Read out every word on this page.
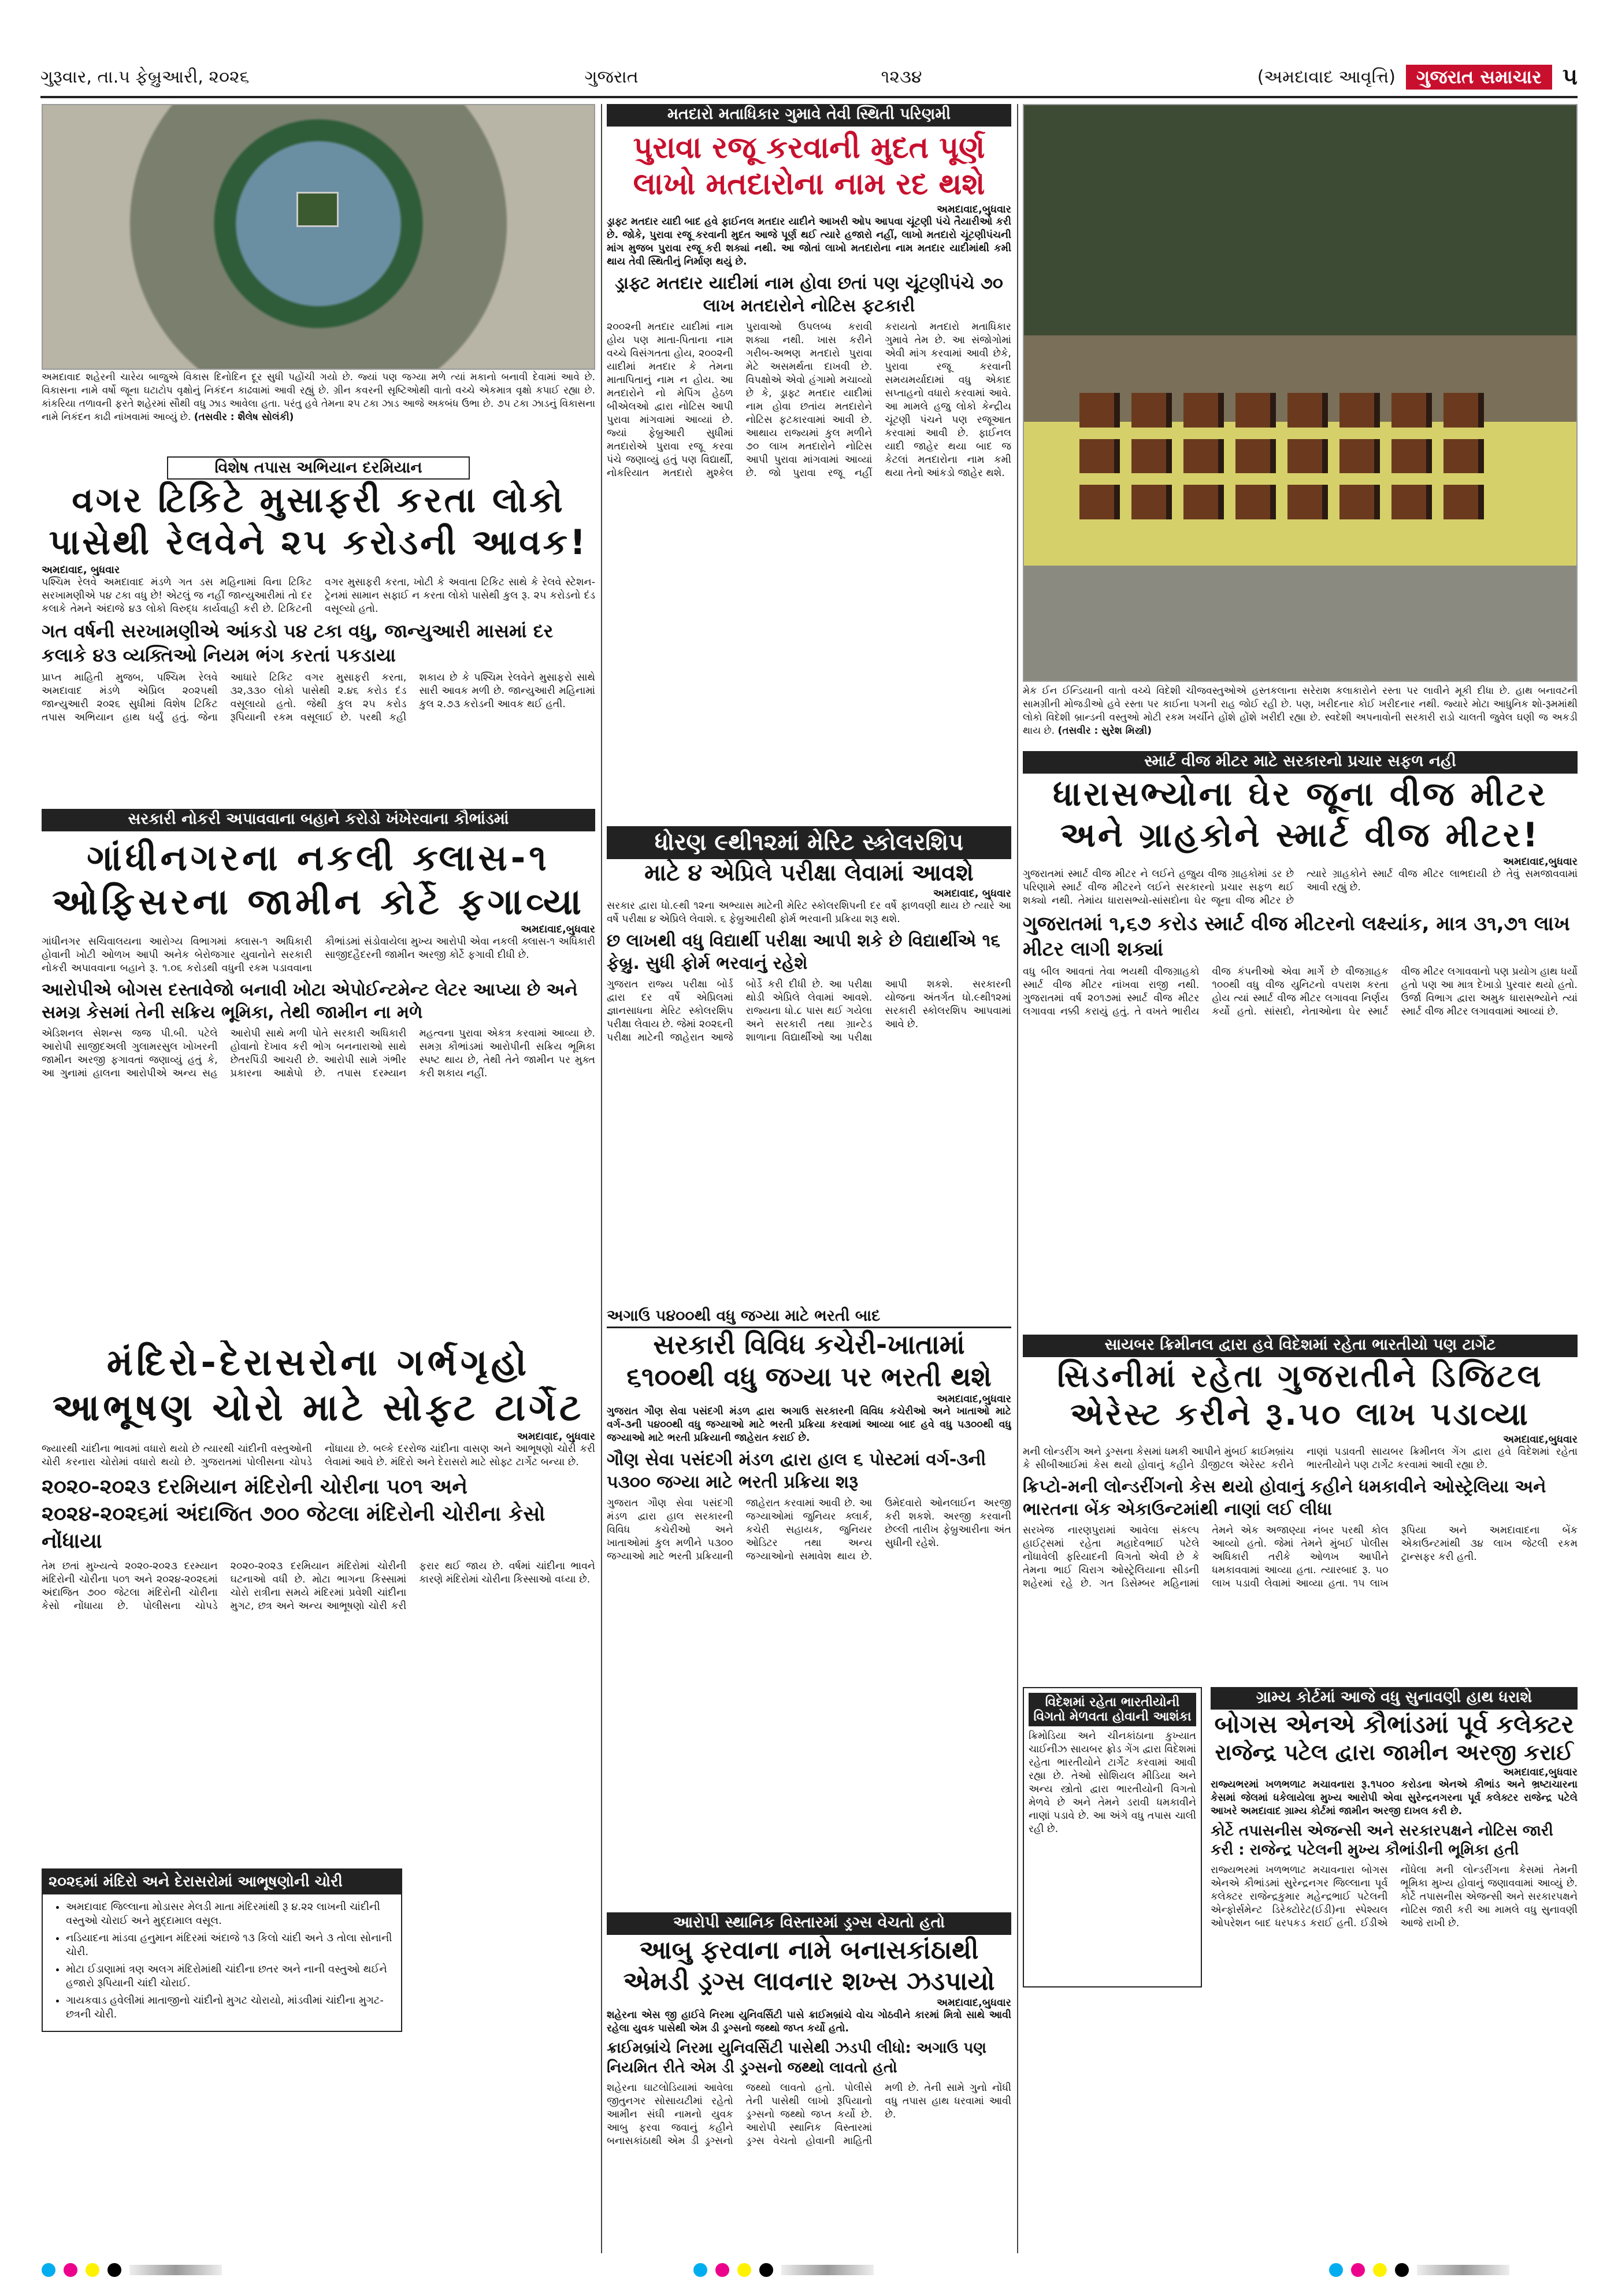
ગુરૂવાર, તા.૫ ફેબ્રુઆરી, ૨૦૨૬	ગુજરાત	૧૨૩૪	(અમદાવાદ આવૃત્તિ)	ગુજરાત સમાચાર ૫
અમદાવાદ શહેરની ચારેય બાજુએ વિકાસ દિનોદિન દૂર સુધી પહોંચી ગયો છે. જ્યાં પણ જગ્યા મળે ત્યાં મકાનો બનાવી દેવામાં આવે છે. વિકાસના નામે વર્ષો જૂના ઘટાટોપ વૃક્ષોનું નિકંદન કાઢવામાં આવી રહ્યું છે. ગ્રીન કવરની સૃષ્ટિઓથી વાતો વચ્ચે એકમાત્ર વૃક્ષો કપાઈ રહ્યા છે. કાંકરિયા તળાવની ફરતે શહેરમાં સૌથી વધુ ઝાડ આવેલા હતા. પરંતુ હવે તેમના ૨૫ ટકા ઝાડ આજે અકબંધ ઉભા છે. ૭૫ ટકા ઝાડનું વિકાસના નામે નિકંદન કાઢી નાંખવામાં આવ્યું છે. (તસવીર : શૈલેષ સોલંકી)
મતદારો મતાધિકાર ગુમાવે તેવી સ્થિતી પરિણમી
પુરાવા રજૂ કરવાની મુદત પૂર્ણ
લાખો મતદારોના નામ રદ થશે
અમદાવાદ,બુધવાર
ડ્રાફ્ટ મતદાર યાદી બાદ હવે ફાઈનલ મતદાર યાદીને આખરી ઓપ આપવા ચૂંટણી પંચે તૈયારીઓ કરી છે. જોકે, પુરાવા રજૂ કરવાની મુદત આજે પૂર્ણ થઈ ત્યારે હજારો નહીં, લાખો મતદારો ચૂંટણીપંચની માંગ મુજબ પુરાવા રજૂ કરી શક્યાં નથી. આ જોતાં લાખો મતદારોના નામ મતદાર યાદીમાંથી કમી થાય તેવી સ્થિતીનું નિર્માણ થયું છે.
ડ્રાફ્ટ મતદાર યાદીમાં નામ હોવા છતાં પણ ચૂંટણીપંચે ૭૦ લાખ મતદારોને નોટિસ ફટકારી
૨૦૦૨ની મતદાર યાદીમાં નામ હોય પણ માતા-પિતાના નામ વચ્ચે વિસંગતતા હોય, ૨૦૦૨ની યાદીમાં મતદાર કે તેમના માતાપિતાનું નામ ન હોય. આ મતદારોને નો મેપિંગ હેઠળ બીએલઓ દ્વારા નોટિસ આપી પુરાવા માંગવામાં આવ્યાં છે. જ્યાં ફેબ્રુઆરી સુધીમાં મતદારોએ પુરાવા રજૂ કરવા પંચે જણાવ્યું હતું પણ વિદ્યાર્થી, નોકરિયાત મતદારો મુશ્કેલ પુરાવાઓ ઉપલબ્ધ કરાવી શક્યા નથી. ખાસ કરીને ગરીબ-અભણ મતદારો પુરાવા મેટે અસમર્થતા દાખવી છે. વિપક્ષોએ એવો હંગામો મચાવ્યો છે કે, ડ્રાફ્ટ મતદાર યાદીમાં નામ હોવા છતાંય મતદારોને નોટિસ ફટકારવામાં આવી છે. આથાય રાજ્યમાં કુલ મળીને ૭૦ લાખ મતદારોને નોટિસ આપી પુરાવા માંગવામાં આવ્યાં છે. જો પુરાવા રજૂ નહીં કરાયતો મતદારો મતાધિકાર ગુમાવે તેમ છે. આ સંજોગોમાં એવી માંગ કરવામાં આવી છેકે, પુરાવા રજૂ કરવાની સમયમર્યાદામાં વધુ એકાદ સપ્તાહનો વધારો કરવામાં આવે. આ મામલે હજુ લોકો કેન્દ્રીય ચૂંટણી પંચને પણ રજૂઆત કરવામાં આવી છે. ફાઈનલ યાદી જાહેર થયા બાદ જ કેટલાં મતદારોના નામ કમી થયા તેનો આંકડો જાહેર થશે.
મેક ઈન ઈન્ડિયાની વાતો વચ્ચે વિદેશી ચીજવસ્તુઓએ હસ્તકલાના સરેરાશ કલાકારોને રસ્તા પર લાવીને મૂકી દીધા છે. હાથ બનાવટની સામગ્રીની મોજડીઓ હવે રસ્તા પર કાઈના પગની રાહ જોઈ રહી છે. પણ, ખરીદનાર કોઈ ખરીદનાર નથી. જ્યારે મોટા આધુનિક શો-રૂમમાંથી લોકો વિદેશી બ્રાન્ડની વસ્તુઓ મોટી રકમ ખર્ચીને હોંશે હોંશે ખરીદી રહ્યા છે. સ્વદેશી અપનાવોની સરકારી રાડો ચાલતી જુવેલ ઘણી જ અકડી થાય છે. (તસવીર : સુરેશ મિસ્ત્રી)
વિશેષ તપાસ અભિયાન દરમિયાન
વગર ટિકિટે મુસાફરી કરતા લોકો
પાસેથી રેલવેને ૨૫ કરોડની આવક!
અમદાવાદ, બુધવાર
પશ્ચિમ રેલવે અમદાવાદ મંડળે ગત ડસ મહિનામાં વિના ટિકિટ સરખામણીએ પ૪ ટકા વધુ છે! એટલું જ નહીં જાન્યુઆરીમાં તો દર કલાકે તેમને અંદાજે ૪૩ લોકો વિરુદ્ધ કાર્યવાહી કરી છે. ટિકિટની વગર મુસાફરી કરતા, ખોટી કે અવાતા ટિકિટ સાથે કે રેલવે સ્ટેશન-ટ્રેનમાં સામાન સફાઈ ન કરતા લોકો પાસેથી કુલ રૂ. ૨૫ કરોડનો દંડ વસૂલ્યો હતો.
ગત વર્ષની સરખામણીએ આંકડો ૫૪ ટકા વધુ, જાન્યુઆરી માસમાં દર કલાકે ૪૩ વ્યક્તિઓ નિયમ ભંગ કરતાં પકડાયા
પ્રાપ્ત માહિતી મુજબ, પશ્ચિમ રેલવે અમદાવાદ મંડળે એપ્રિલ ૨૦૨૫થી જાન્યુઆરી ૨૦૨૬ સુધીમાં વિશેષ ટિકિટ તપાસ અભિયાન હાથ ધર્યું હતું. જેના આધારે ટિકિટ વગર મુસાફરી કરતા, ૩૨,૩૩૦ લોકો પાસેથી ૨.૪૬ કરોડ દંડ વસૂલાયો હતો. જેથી કુલ ૨૫ કરોડ રૂપિયાની રકમ વસૂલાઈ છે. પરથી કહી શકાય છે કે પશ્ચિમ રેલવેને મુસાફરો સાથે સારી આવક મળી છે. જાન્યુઆરી મહિનામાં કુલ ૨.૭૩ કરોડની આવક થઈ હતી.
સરકારી નોકરી અપાવવાના બહાને કરોડો ખંખેરવાના કૌભાંડમાં
ગાંધીનગરના નકલી ક્લાસ-૧
ઓફિસરના જામીન કોર્ટે ફગાવ્યા
અમદાવાદ,બુધવાર
ગાંધીનગર સચિવાલયના આરોગ્ય વિભાગમાં ક્લાસ-૧ અધિકારી હોવાની ખોટી ઓળખ આપી અનેક બેરોજગાર યુવાનોને સરકારી નોકરી અપાવવાના બહાને રૂ. ૧.૦૬ કરોડથી વધુની રકમ પડાવવાના કૌભાંડમાં સંડોવાયેલા મુખ્ય આરોપી એવા નકલી ક્લાસ-૧ અધિકારી સાજીદહૈદરની જામીન અરજી કોર્ટે ફગાવી દીધી છે.
આરોપીએ બોગસ દસ્તાવેજો બનાવી ખોટા એપોઈન્ટમેન્ટ લેટર આપ્યા છે અને સમગ્ર કેસમાં તેની સક્રિય ભૂમિકા, તેથી જામીન ના મળે
એડિશનલ સેશન્સ જજ પી.બી. પટેલે આરોપી સાજીદઅલી ગુલામરસુલ ખોખરની જામીન અરજી ફગાવતાં જણાવ્યું હતું કે, આ ગુનામાં હાલના આરોપીએ અન્ય સહ આરોપી સાથે મળી પોતે સરકારી અધિકારી હોવાનો દેખાવ કરી ભોગ બનનારાઓ સાથે છેતરપિંડી આચરી છે. આરોપી સામે ગંભીર પ્રકારના આક્ષેપો છે. તપાસ દરમ્યાન મહત્વના પુરાવા એકત્ર કરવામાં આવ્યા છે. સમગ્ર કૌભાંડમાં આરોપીની સક્રિય ભૂમિકા સ્પષ્ટ થાય છે, તેથી તેને જામીન પર મુક્ત કરી શકાય નહીં.
મંદિરો-દેરાસરોના ગર્ભગૃહો
આભૂષણ ચોરો માટે સોફ્ટ ટાર્ગેટ
અમદાવાદ, બુધવાર
જ્યારથી ચાંદીના ભાવમાં વધારો થયો છે ત્યારથી ચાંદીની વસ્તુઓની ચોરી કરનારા ચોરોમાં વધારો થયો છે. ગુજરાતમાં પોલીસના ચોપડે નોંધાયા છે. બલ્કે દરરોજ ચાંદીના વાસણ અને આભૂષણો ચોરી કરી લેવામાં આવે છે. મંદિરો અને દેરાસરો માટે સોફ્ટ ટાર્ગેટ બન્યા છે.
૨૦૨૦-૨૦૨૩ દરમિયાન મંદિરોની ચોરીના ૫૦૧ અને ૨૦૨૪-૨૦૨૬માં અંદાજિત ૭૦૦ જેટલા મંદિરોની ચોરીના કેસો નોંધાયા
તેમ છતાં મુખ્યત્વે ૨૦૨૦-૨૦૨૩ દરમ્યાન મંદિરોની ચોરીના ૫૦૧ અને ૨૦૨૪-૨૦૨૬માં અંદાજિત ૭૦૦ જેટલા મંદિરોની ચોરીના કેસો નોંધાયા છે. પોલીસના ચોપડે ૨૦૨૦-૨૦૨૩ દરમિયાન મંદિરોમાં ચોરીની ઘટનાઓ વધી છે. મોટા ભાગના કિસ્સામાં ચોરો રાત્રીના સમયે મંદિરમાં પ્રવેશી ચાંદીના મુગટ, છત્ર અને અન્ય આભૂષણો ચોરી કરી ફરાર થઈ જાય છે. વર્ષમાં ચાંદીના ભાવને કારણે મંદિરોમાં ચોરીના કિસ્સાઓ વધ્યા છે.
૨૦૨૬માં મંદિરો અને દેરાસરોમાં આભૂષણોની ચોરી
• અમદાવાદ જિલ્લાના મોડાસર મેલડી માતા મંદિરમાંથી રૂ ૪.૨૨ લાખની ચાંદીની વસ્તુઓ ચોરાઈ અને મુદ્દામાલ વસૂલ.
• નડિયાદના માંડવા હનુમાન મંદિરમાં અંદાજે ૧૩ કિલો ચાંદી અને ૩ તોલા સોનાની ચોરી.
• મોટા ઈડાણામાં ત્રણ અલગ મંદિરોમાંથી ચાંદીના છતર અને નાની વસ્તુઓ થઈને હજારો રૂપિયાની ચાંદી ચોરાઈ.
• ગાયકવાડ હવેલીમાં માતાજીનો ચાંદીનો મુગટ ચોરાયો, માંડવીમાં ચાંદીના મુગટ-છત્રની ચોરી.
ધોરણ ૯થી૧૨માં મેરિટ સ્કોલરશિપ
માટે ૪ એપ્રિલે પરીક્ષા લેવામાં આવશે
અમદાવાદ, બુધવાર
સરકાર દ્વારા ધો.૯થી ૧૨ના અભ્યાસ માટેની મેરિટ સ્કોલરશિપની દર વર્ષે ફાળવણી થાય છે ત્યારે આ વર્ષે પરીક્ષા ૪ એપ્રિલે લેવાશે. ૬ ફેબ્રુઆરીથી ફોર્મ ભરવાની પ્રક્રિયા શરૂ થશે.
છ લાખથી વધુ વિદ્યાર્થી પરીક્ષા આપી શકે છે વિદ્યાર્થીએ ૧૬ ફેબ્રુ. સુધી ફોર્મ ભરવાનું રહેશે
ગુજરાત રાજ્ય પરીક્ષા બોર્ડ દ્વારા દર વર્ષે એપ્રિલમાં જ્ઞાનસાધના મેરિટ સ્કોલરશિપ પરીક્ષા લેવાય છે. જેમાં ૨૦૨૬ની પરીક્ષા માટેની જાહેરાત આજે બોર્ડે કરી દીધી છે. આ પરીક્ષા થોડી એપ્રિલે લેવામાં આવશે. રાજ્યના ધો.૮ પાસ થઈ ગયેલા અને સરકારી તથા ગ્રાન્ટેડ શાળાના વિદ્યાર્થીઓ આ પરીક્ષા આપી શકશે. સરકારની યોજના અંતર્ગત ધો.૯થી૧૨માં સરકારી સ્કોલરશિપ આપવામાં આવે છે.
અગાઉ ૫૪૦૦થી વધુ જગ્યા માટે ભરતી બાદ
સરકારી વિવિધ કચેરી-ખાતામાં
૬૧૦૦થી વધુ જગ્યા પર ભરતી થશે
અમદાવાદ,બુધવાર
ગુજરાત ગૌણ સેવા પસંદગી મંડળ દ્વારા અગાઉ સરકારની વિવિધ કચેરીઓ અને ખાતાઓ માટે વર્ગ-૩ની ૫૪૦૦થી વધુ જગ્યાઓ માટે ભરતી પ્રક્રિયા કરવામાં આવ્યા બાદ હવે વધુ ૫૩૦૦થી વધુ જગ્યાઓ માટે ભરતી પ્રક્રિયાની જાહેરાત કરાઈ છે.
ગૌણ સેવા પસંદગી મંડળ દ્વારા હાલ ૬ પોસ્ટમાં વર્ગ-૩ની ૫૩૦૦ જગ્યા માટે ભરતી પ્રક્રિયા શરૂ
ગુજરાત ગૌણ સેવા પસંદગી મંડળ દ્વારા હાલ સરકારની વિવિધ કચેરીઓ અને ખાતાઓમાં કુલ મળીને ૫૩૦૦ જગ્યાઓ માટે ભરતી પ્રક્રિયાની જાહેરાત કરવામાં આવી છે. આ જગ્યાઓમાં જુનિયર ક્લાર્ક, કચેરી સહાયક, જુનિયર ઓડિટર તથા અન્ય જગ્યાઓનો સમાવેશ થાય છે. ઉમેદવારો ઓનલાઈન અરજી કરી શકશે. અરજી કરવાની છેલ્લી તારીખ ફેબ્રુઆરીના અંત સુધીની રહેશે.
આરોપી સ્થાનિક વિસ્તારમાં ડ્રગ્સ વેચતો હતો
આબુ ફરવાના નામે બનાસકાંઠાથી
એમડી ડ્રગ્સ લાવનાર શખ્સ ઝડપાયો
અમદાવાદ,બુધવાર
શહેરના એસ જી હાઈવે નિરમા યુનિવર્સિટી પાસે ક્રાઈમબ્રાંચે વોચ ગોઠવીને કારમાં મિત્રો સાથે આવી રહેલા યુવક પાસેથી એમ ડી ડ્રગ્સનો જથ્થો જપ્ત કર્યો હતો.
ક્રાઈમબ્રાંચે નિરમા યુનિવર્સિટી પાસેથી ઝડપી લીધો: અગાઉ પણ નિયમિત રીતે એમ ડી ડ્રગ્સનો જથ્થો લાવતો હતો
શહેરના ઘાટલોડિયામાં આવેલા જીતુનગર સોસાયટીમાં રહેતો આમીન સંઘી નામનો યુવક આબુ ફરવા જવાનું કહીને બનાસકાંઠાથી એમ ડી ડ્રગ્સનો જથ્થો લાવતો હતો. પોલીસે તેની પાસેથી લાખો રૂપિયાનો ડ્રગ્સનો જથ્થો જપ્ત કર્યો છે. આરોપી સ્થાનિક વિસ્તારમાં ડ્રગ્સ વેચતો હોવાની માહિતી મળી છે. તેની સામે ગુનો નોંધી વધુ તપાસ હાથ ધરવામાં આવી છે.
સ્માર્ટ વીજ મીટર માટે સરકારનો પ્રચાર સફળ નહી
ધારાસભ્યોના ઘેર જૂના વીજ મીટર
અને ગ્રાહકોને સ્માર્ટ વીજ મીટર!
અમદાવાદ,બુધવાર
ગુજરાતમાં સ્માર્ટ વીજ મીટર ને લઈને હજુય વીજ ગ્રાહકોમાં ડર છે પરિણામે સ્માર્ટ વીજ મીટરને લઈને સરકારનો પ્રચાર સફળ થઈ શક્યો નથી. તેમાંય ધારાસભ્યો-સાંસદોના ઘેર જૂના વીજ મીટર છે ત્યારે ગ્રાહકોને સ્માર્ટ વીજ મીટર લાભદાયી છે તેવું સમજાવવામાં આવી રહ્યું છે.
ગુજરાતમાં ૧,૬૭ કરોડ સ્માર્ટ વીજ મીટરનો લક્ષ્યાંક, માત્ર ૩૧,૭૧ લાખ મીટર લાગી શક્યાં
વધુ બીલ આવતાં તેવા ભયથી વીજગ્રાહકો સ્માર્ટ વીજ મીટર નાંખવા રાજી નથી. ગુજરાતમાં વર્ષ ૨૦૧૭માં સ્માર્ટ વીજ મીટર લગાવવા નક્કી કરાયું હતું. તે વખતે ભારીય વીજ કંપનીઓ એવા માર્ગે છે વીજગ્રાહક ૧૦૦થી વધુ વીજ યુનિટનો વપરાશ કરતા હોય ત્યાં સ્માર્ટ વીજ મીટર લગાવવા નિર્ણય કર્યો હતો. સાંસદો, નેતાઓના ઘેર સ્માર્ટ વીજ મીટર લગાવવાનો પણ પ્રયોગ હાથ ધર્યો હતો પણ આ માત્ર દેખાડો પુરવાર થયો હતો. ઉર્જા વિભાગ દ્વારા અમુક ધારાસભ્યોને ત્યાં સ્માર્ટ વીજ મીટર લગાવવામાં આવ્યાં છે.
સાયબર ક્રિમીનલ દ્વારા હવે વિદેશમાં રહેતા ભારતીયો પણ ટાર્ગેટ
સિડનીમાં રહેતા ગુજરાતીને ડિજિટલ
એરેસ્ટ કરીને રૂ.૫૦ લાખ પડાવ્યા
અમદાવાદ,બુધવાર
મની લોન્ડરીંગ અને ડ્રગ્સના કેસમાં ધમકી આપીને મુંબઈ ક્રાઈમબ્રાંચ કે સીબીઆઈમાં કેસ થયો હોવાનું કહીને ડીજીટલ એરેસ્ટ કરીને નાણાં પડાવતી સાયબર ક્રિમીનલ ગેંગ દ્વારા હવે વિદેશમાં રહેતા ભારતીયોને પણ ટાર્ગેટ કરવામાં આવી રહ્યા છે.
ક્રિપ્ટો-મની લોન્ડરીંગનો કેસ થયો હોવાનું કહીને ધમકાવીને ઓસ્ટ્રેલિયા અને ભારતના બેંક એકાઉન્ટમાંથી નાણાં લઈ લીધા
સરખેજ નારણપુરામાં આવેલા સંકલ્પ હાઈટ્સમાં રહેતા મહાદેવભાઈ પટેલે નોંધાવેલી ફરિયાદની વિગતો એવી છે કે તેમના ભાઈ ચિરાગ ઓસ્ટ્રેલિયાના સીડની શહેરમાં રહે છે. ગત ડિસેમ્બર મહિનામાં તેમને એક અજાણ્યા નંબર પરથી કોલ આવ્યો હતો. જેમાં તેમને મુંબઈ પોલીસ અધિકારી તરીકે ઓળખ આપીને ધમકાવવામાં આવ્યા હતા. ત્યારબાદ રૂ. ૫૦ લાખ પડાવી લેવામાં આવ્યા હતા. ૧૫ લાખ રૂપિયા અને અમદાવાદના બેંક એકાઉન્ટમાંથી ૩૪ લાખ જેટલી રકમ ટ્રાન્સફર કરી હતી.
વિદેશમાં રહેતા ભારતીયોની વિગતો મેળવતા હોવાની આશંકા
ક્રિમોડિયા અને ચીનકાંઠાના કુખ્યાત ચાઈનીઝ સાયબર ફ્રોડ ગેંગ દ્વારા વિદેશમાં રહેતા ભારતીયોને ટાર્ગેટ કરવામાં આવી રહ્યા છે. તેઓ સોશિયલ મીડિયા અને અન્ય સ્ત્રોતો દ્વારા ભારતીયોની વિગતો મેળવે છે અને તેમને ડરાવી ધમકાવીને નાણાં પડાવે છે. આ અંગે વધુ તપાસ ચાલી રહી છે.
ગ્રામ્ય કોર્ટમાં આજે વધુ સુનાવણી હાથ ધરાશે
બોગસ એનએ કૌભાંડમાં પૂર્વ કલેક્ટર
રાજેન્દ્ર પટેલ દ્વારા જામીન અરજી કરાઈ
અમદાવાદ,બુધવાર
રાજ્યભરમાં ખળભળાટ મચાવનારા રૂ.૧૫૦૦ કરોડના એનએ કૌભાંડ અને ભ્રષ્ટાચારના કેસમાં જેલમાં ધકેલાયેલા મુખ્ય આરોપી એવા સુરેન્દ્રનગરના પૂર્વ કલેક્ટર રાજેન્દ્ર પટેલે આખરે અમદાવાદ ગ્રામ્ય કોર્ટમાં જામીન અરજી દાખલ કરી છે.
કોર્ટે તપાસનીસ એજન્સી અને સરકારપક્ષને નોટિસ જારી કરી : રાજેન્દ્ર પટેલની મુખ્ય કૌભાંડીની ભૂમિકા હતી
રાજ્યભરમાં ખળભળાટ મચાવનારા બોગસ એનએ કૌભાંડમાં સુરેન્દ્રનગર જિલ્લાના પૂર્વ કલેક્ટર રાજેન્દ્રકુમાર મહેન્દ્રભાઈ પટેલની એન્ફોર્સમેન્ટ ડિરેક્ટોરેટ(ઈડી)ના સ્પેશ્યલ ઓપરેશન બાદ ધરપકડ કરાઈ હતી. ઈડીએ નોંધેલા મની લોન્ડરીંગના કેસમાં તેમની ભૂમિકા મુખ્ય હોવાનું જણાવવામાં આવ્યું છે. કોર્ટે તપાસનીસ એજન્સી અને સરકારપક્ષને નોટિસ જારી કરી આ મામલે વધુ સુનાવણી આજે રાખી છે.
